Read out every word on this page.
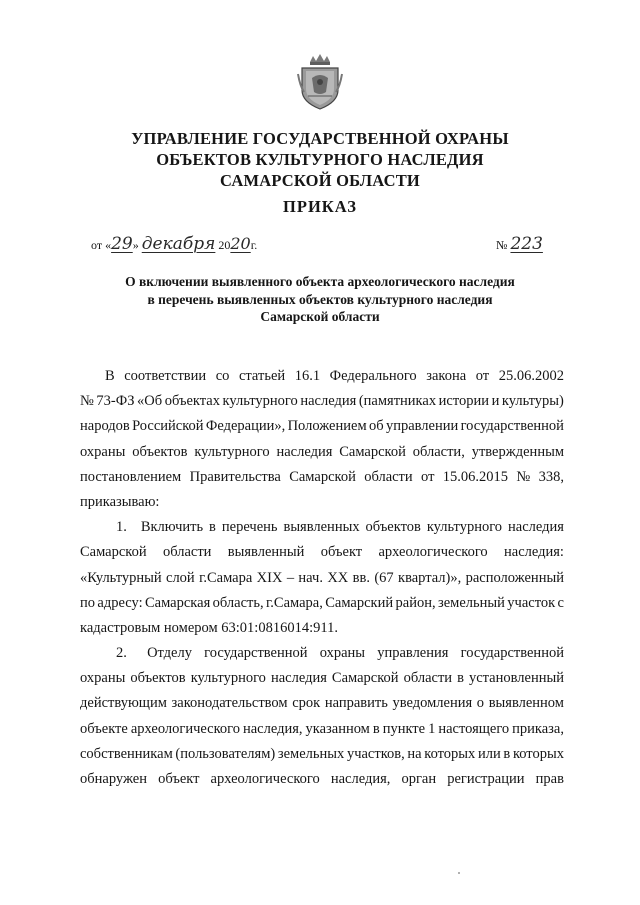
УПРАВЛЕНИЕ ГОСУДАРСТВЕННОЙ ОХРАНЫ
ОБЪЕКТОВ КУЛЬТУРНОГО НАСЛЕДИЯ
САМАРСКОЙ ОБЛАСТИ
ПРИКАЗ
от «29» декабря 2020г.	№ 223
О включении выявленного объекта археологического наследия
в перечень выявленных объектов культурного наследия
Самарской области
В соответствии со статьей 16.1 Федерального закона от 25.06.2002
№ 73-ФЗ «Об объектах культурного наследия (памятниках истории и культуры)
народов Российской Федерации», Положением об управлении государственной
охраны объектов культурного наследия Самарской области, утвержденным
постановлением Правительства Самарской области от 15.06.2015 № 338,
приказываю:
1. Включить в перечень выявленных объектов культурного наследия
Самарской области выявленный объект археологического наследия:
«Культурный слой г.Самара XIX – нач. XX вв. (67 квартал)», расположенный
по адресу: Самарская область, г.Самара, Самарский район, земельный участок с
кадастровым номером 63:01:0816014:911.
2. Отделу государственной охраны управления государственной
охраны объектов культурного наследия Самарской области в установленный
действующим законодательством срок направить уведомления о выявленном
объекте археологического наследия, указанном в пункте 1 настоящего приказа,
собственникам (пользователям) земельных участков, на которых или в которых
обнаружен объект археологического наследия, орган регистрации прав
